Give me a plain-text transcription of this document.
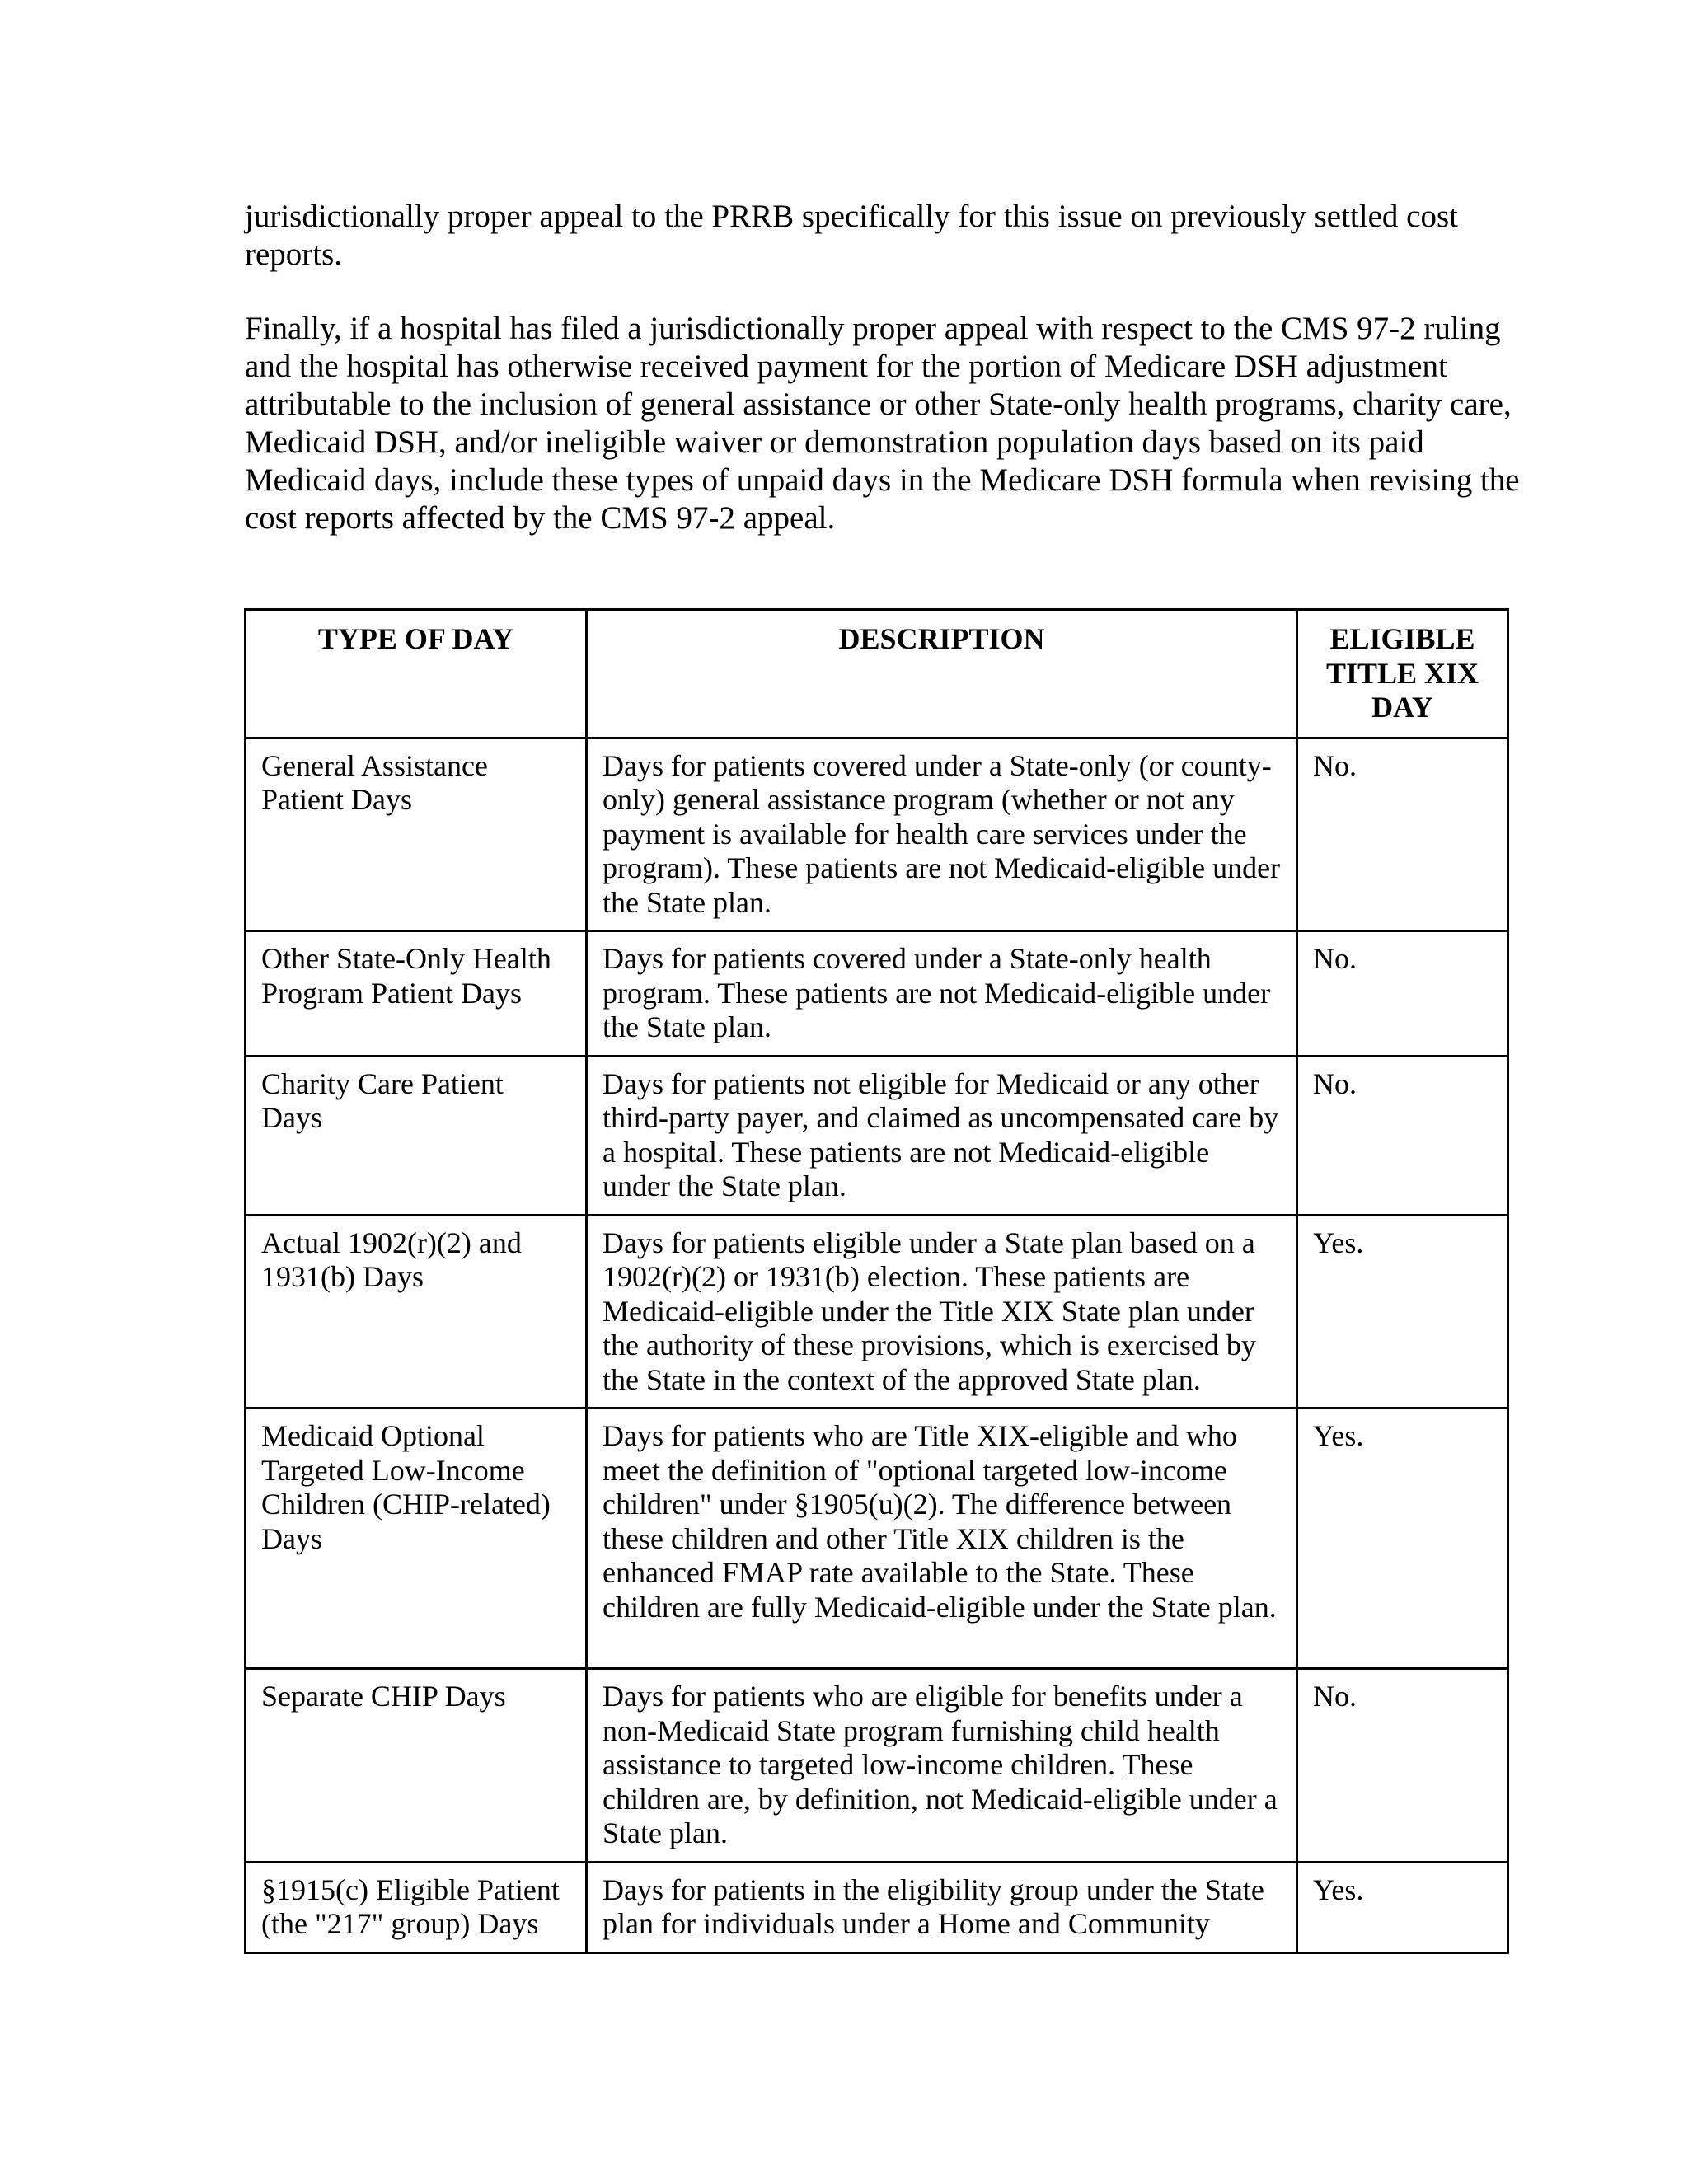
jurisdictionally proper appeal to the PRRB specifically for this issue on previously settled cost reports.

Finally, if a hospital has filed a jurisdictionally proper appeal with respect to the CMS 97-2 ruling and the hospital has otherwise received payment for the portion of Medicare DSH adjustment attributable to the inclusion of general assistance or other State-only health programs, charity care, Medicaid DSH, and/or ineligible waiver or demonstration population days based on its paid Medicaid days, include these types of unpaid days in the Medicare DSH formula when revising the cost reports affected by the CMS 97-2 appeal.

TYPE OF DAY	DESCRIPTION	ELIGIBLE TITLE XIX DAY
General Assistance Patient Days	Days for patients covered under a State-only (or county-only) general assistance program (whether or not any payment is available for health care services under the program). These patients are not Medicaid-eligible under the State plan.	No.
Other State-Only Health Program Patient Days	Days for patients covered under a State-only health program. These patients are not Medicaid-eligible under the State plan.	No.
Charity Care Patient Days	Days for patients not eligible for Medicaid or any other third-party payer, and claimed as uncompensated care by a hospital. These patients are not Medicaid-eligible under the State plan.	No.
Actual 1902(r)(2) and 1931(b) Days	Days for patients eligible under a State plan based on a 1902(r)(2) or 1931(b) election. These patients are Medicaid-eligible under the Title XIX State plan under the authority of these provisions, which is exercised by the State in the context of the approved State plan.	Yes.
Medicaid Optional Targeted Low-Income Children (CHIP-related) Days	Days for patients who are Title XIX-eligible and who meet the definition of "optional targeted low-income children" under §1905(u)(2). The difference between these children and other Title XIX children is the enhanced FMAP rate available to the State. These children are fully Medicaid-eligible under the State plan.	Yes.
Separate CHIP Days	Days for patients who are eligible for benefits under a non-Medicaid State program furnishing child health assistance to targeted low-income children. These children are, by definition, not Medicaid-eligible under a State plan.	No.
§1915(c) Eligible Patient (the "217" group) Days	Days for patients in the eligibility group under the State plan for individuals under a Home and Community	Yes.
